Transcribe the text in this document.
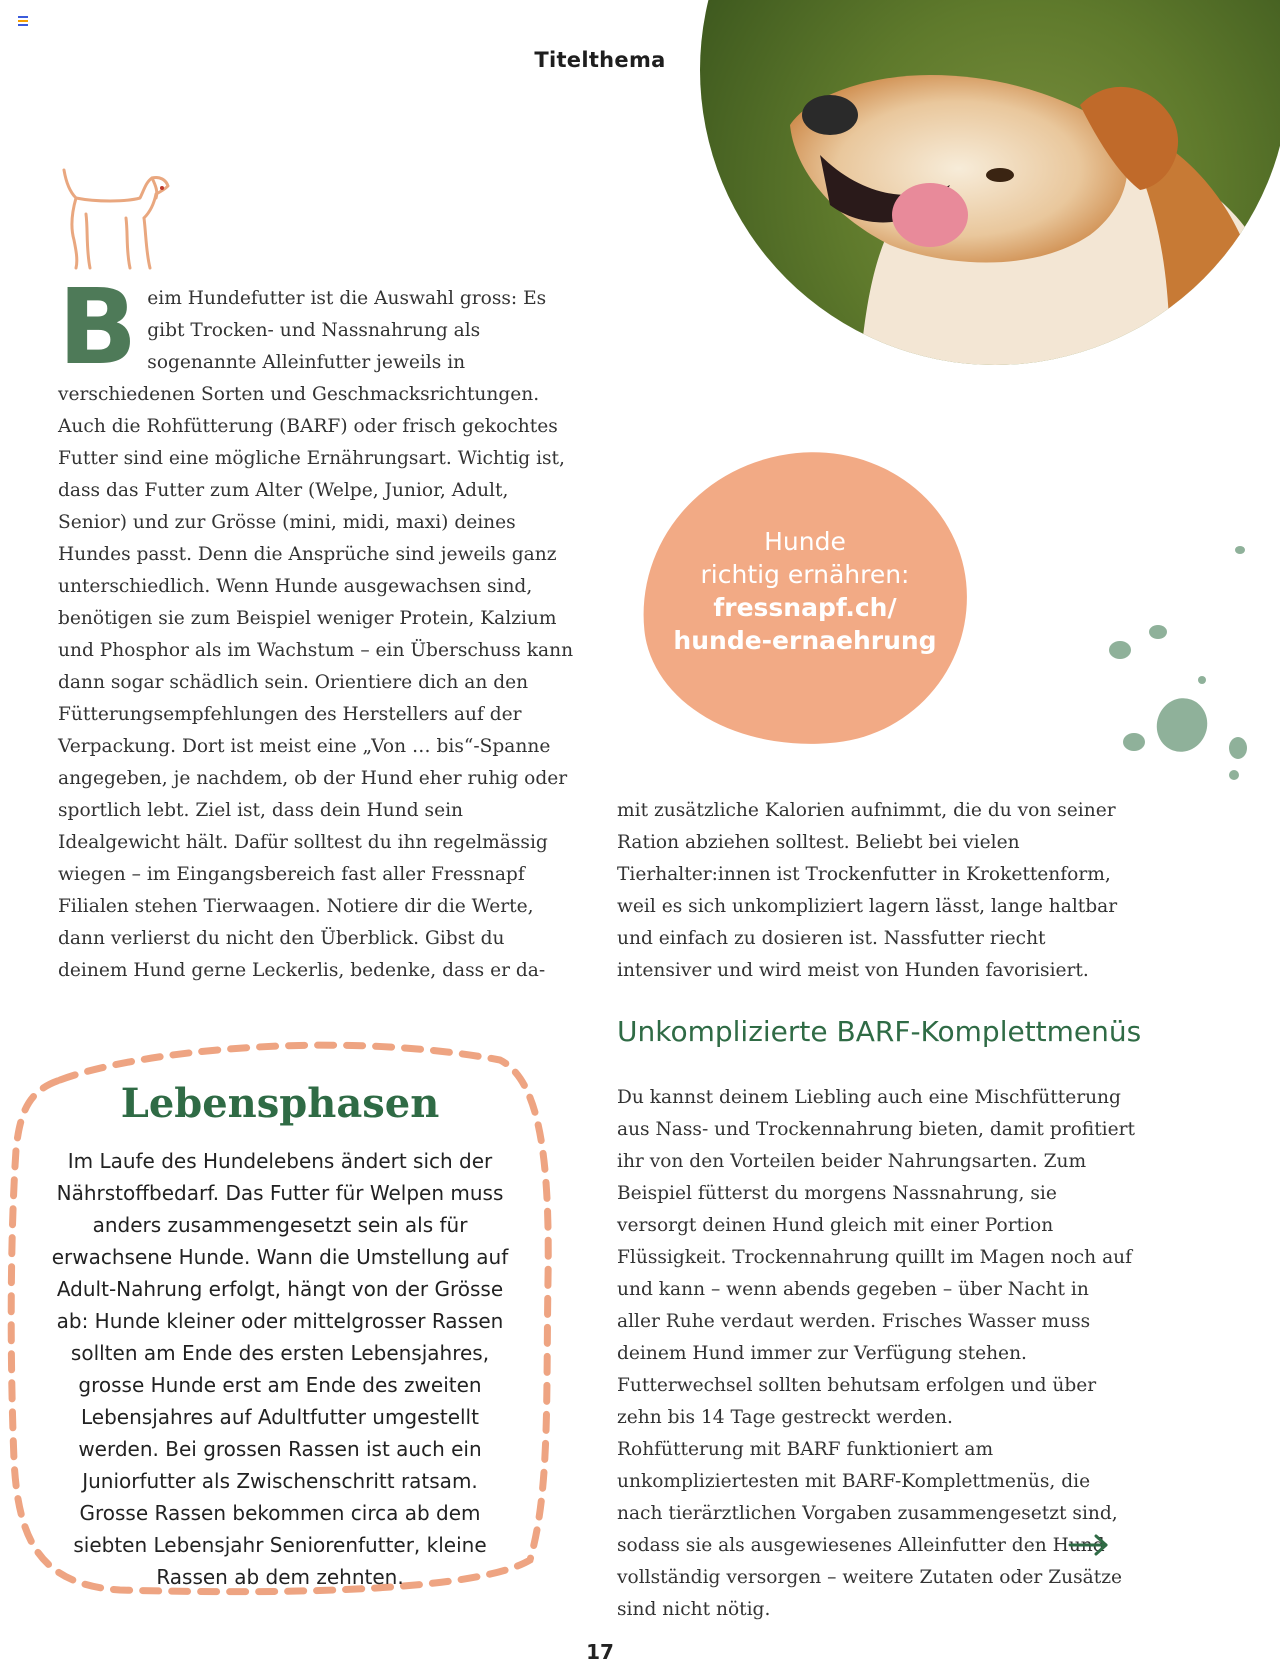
Titelthema
B eim Hundefutter ist die Auswahl gross: Es gibt Trocken- und Nassnahrung als sogenannte Alleinfutter jeweils in verschiedenen Sorten und Geschmacksrichtungen. Auch die Rohfütterung (BARF) oder frisch gekochtes Futter sind eine mögliche Ernährungsart. Wichtig ist, dass das Futter zum Alter (Welpe, Junior, Adult, Senior) und zur Grösse (mini, midi, maxi) deines Hundes passt. Denn die Ansprüche sind jeweils ganz unterschiedlich. Wenn Hunde ausgewachsen sind, benötigen sie zum Beispiel weniger Protein, Kalzium und Phosphor als im Wachstum – ein Überschuss kann dann sogar schädlich sein. Orientiere dich an den Fütterungsempfehlungen des Herstellers auf der Verpackung. Dort ist meist eine „Von … bis“-Spanne angegeben, je nachdem, ob der Hund eher ruhig oder sportlich lebt. Ziel ist, dass dein Hund sein Idealgewicht hält. Dafür solltest du ihn regelmässig wiegen – im Eingangsbereich fast aller Fressnapf Filialen stehen Tierwaagen. Notiere dir die Werte, dann verlierst du nicht den Überblick. Gibst du deinem Hund gerne Leckerlis, bedenke, dass er da-
Hunde
richtig ernähren:
fressnapf.ch/
hunde-ernaehrung
mit zusätzliche Kalorien aufnimmt, die du von seiner Ration abziehen solltest. Beliebt bei vielen Tierhalter:innen ist Trockenfutter in Krokettenform, weil es sich unkompliziert lagern lässt, lange haltbar und einfach zu dosieren ist. Nassfutter riecht intensiver und wird meist von Hunden favorisiert.
Unkomplizierte BARF-Komplettmenüs
Du kannst deinem Liebling auch eine Mischfütterung aus Nass- und Trockennahrung bieten, damit profitiert ihr von den Vorteilen beider Nahrungsarten. Zum Beispiel fütterst du morgens Nassnahrung, sie versorgt deinen Hund gleich mit einer Portion Flüssigkeit. Trockennahrung quillt im Magen noch auf und kann – wenn abends gegeben – über Nacht in aller Ruhe verdaut werden. Frisches Wasser muss deinem Hund immer zur Verfügung stehen. Futterwechsel sollten behutsam erfolgen und über zehn bis 14 Tage gestreckt werden.
Rohfütterung mit BARF funktioniert am unkompliziertesten mit BARF-Komplettmenüs, die nach tierärztlichen Vorgaben zusammengesetzt sind, sodass sie als ausgewiesenes Alleinfutter den Hund vollständig versorgen – weitere Zutaten oder Zusätze sind nicht nötig.
Lebensphasen
Im Laufe des Hundelebens ändert sich der Nährstoffbedarf. Das Futter für Welpen muss anders zusammengesetzt sein als für erwachsene Hunde. Wann die Umstellung auf Adult-Nahrung erfolgt, hängt von der Grösse ab: Hunde kleiner oder mittelgrosser Rassen sollten am Ende des ersten Lebensjahres, grosse Hunde erst am Ende des zweiten Lebensjahres auf Adultfutter umgestellt werden. Bei grossen Rassen ist auch ein Juniorfutter als Zwischenschritt ratsam. Grosse Rassen bekommen circa ab dem siebten Lebensjahr Seniorenfutter, kleine Rassen ab dem zehnten.
17
